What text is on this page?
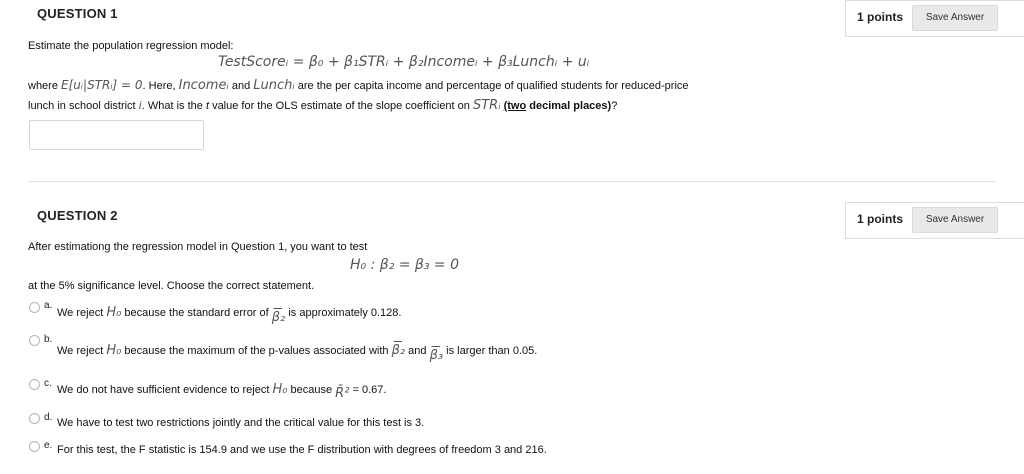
QUESTION 1	1 points	Save Answer
Estimate the population regression model:
TestScoreᵢ = β₀ + β₁STRᵢ + β₂Incomeᵢ + β₃Lunchᵢ + uᵢ
where E[uᵢ|STRᵢ] = 0. Here, Incomeᵢ and Lunchᵢ are the per capita income and percentage of qualified students for reduced-price
lunch in school district i. What is the t value for the OLS estimate of the slope coefficient on STRᵢ (two decimal places)?
QUESTION 2	1 points	Save Answer
After estimationg the regression model in Question 1, you want to test
H₀ : β₂ = β₃ = 0
at the 5% significance level. Choose the correct statement.
a.
We reject H₀ because the standard error of β₂ is approximately 0.128.
b.
We reject H₀ because the maximum of the p-values associated with β₂ and β₃ is larger than 0.05.
c.
We do not have sufficient evidence to reject H₀ because R̄² = 0.67.
d. We have to test two restrictions jointly and the critical value for this test is 3.
e. For this test, the F statistic is 154.9 and we use the F distribution with degrees of freedom 3 and 216.
